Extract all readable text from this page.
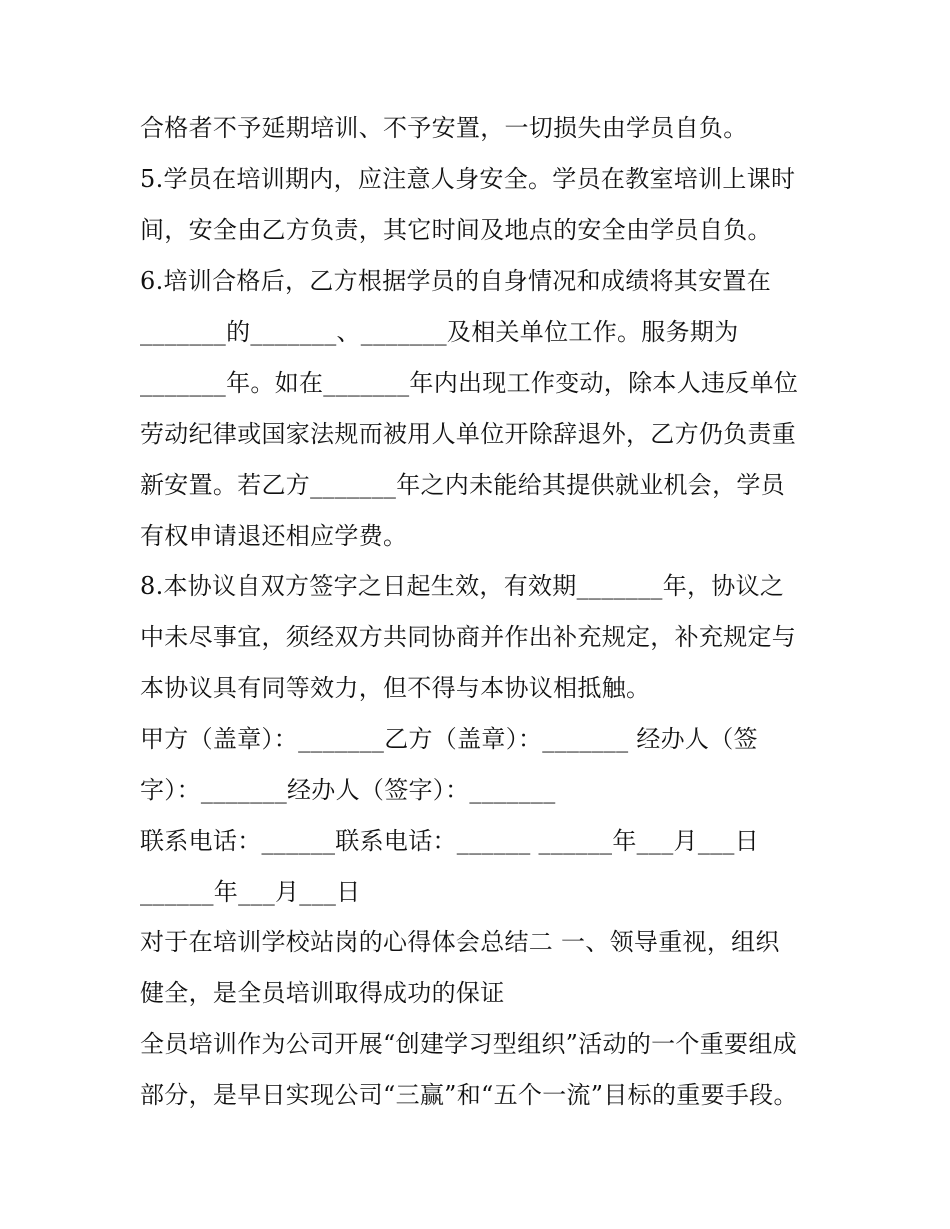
合格者不予延期培训、不予安置，一切损失由学员自负。
5.学员在培训期内，应注意人身安全。学员在教室培训上课时
间，安全由乙方负责，其它时间及地点的安全由学员自负。
6.培训合格后，乙方根据学员的自身情况和成绩将其安置在
_______的_______、_______及相关单位工作。服务期为
_______年。如在_______年内出现工作变动，除本人违反单位
劳动纪律或国家法规而被用人单位开除辞退外，乙方仍负责重
新安置。若乙方_______年之内未能给其提供就业机会，学员
有权申请退还相应学费。
8.本协议自双方签字之日起生效，有效期_______年，协议之
中未尽事宜，须经双方共同协商并作出补充规定，补充规定与
本协议具有同等效力，但不得与本协议相抵触。
甲方（盖章）：_______乙方（盖章）：_______ 经办人（签
字）：_______经办人（签字）：_______
联系电话：______联系电话：______ ______年___月___日
______年___月___日
对于在培训学校站岗的心得体会总结二 一、领导重视，组织
健全，是全员培训取得成功的保证
全员培训作为公司开展“创建学习型组织”活动的一个重要组成
部分，是早日实现公司“三赢”和“五个一流”目标的重要手段。
